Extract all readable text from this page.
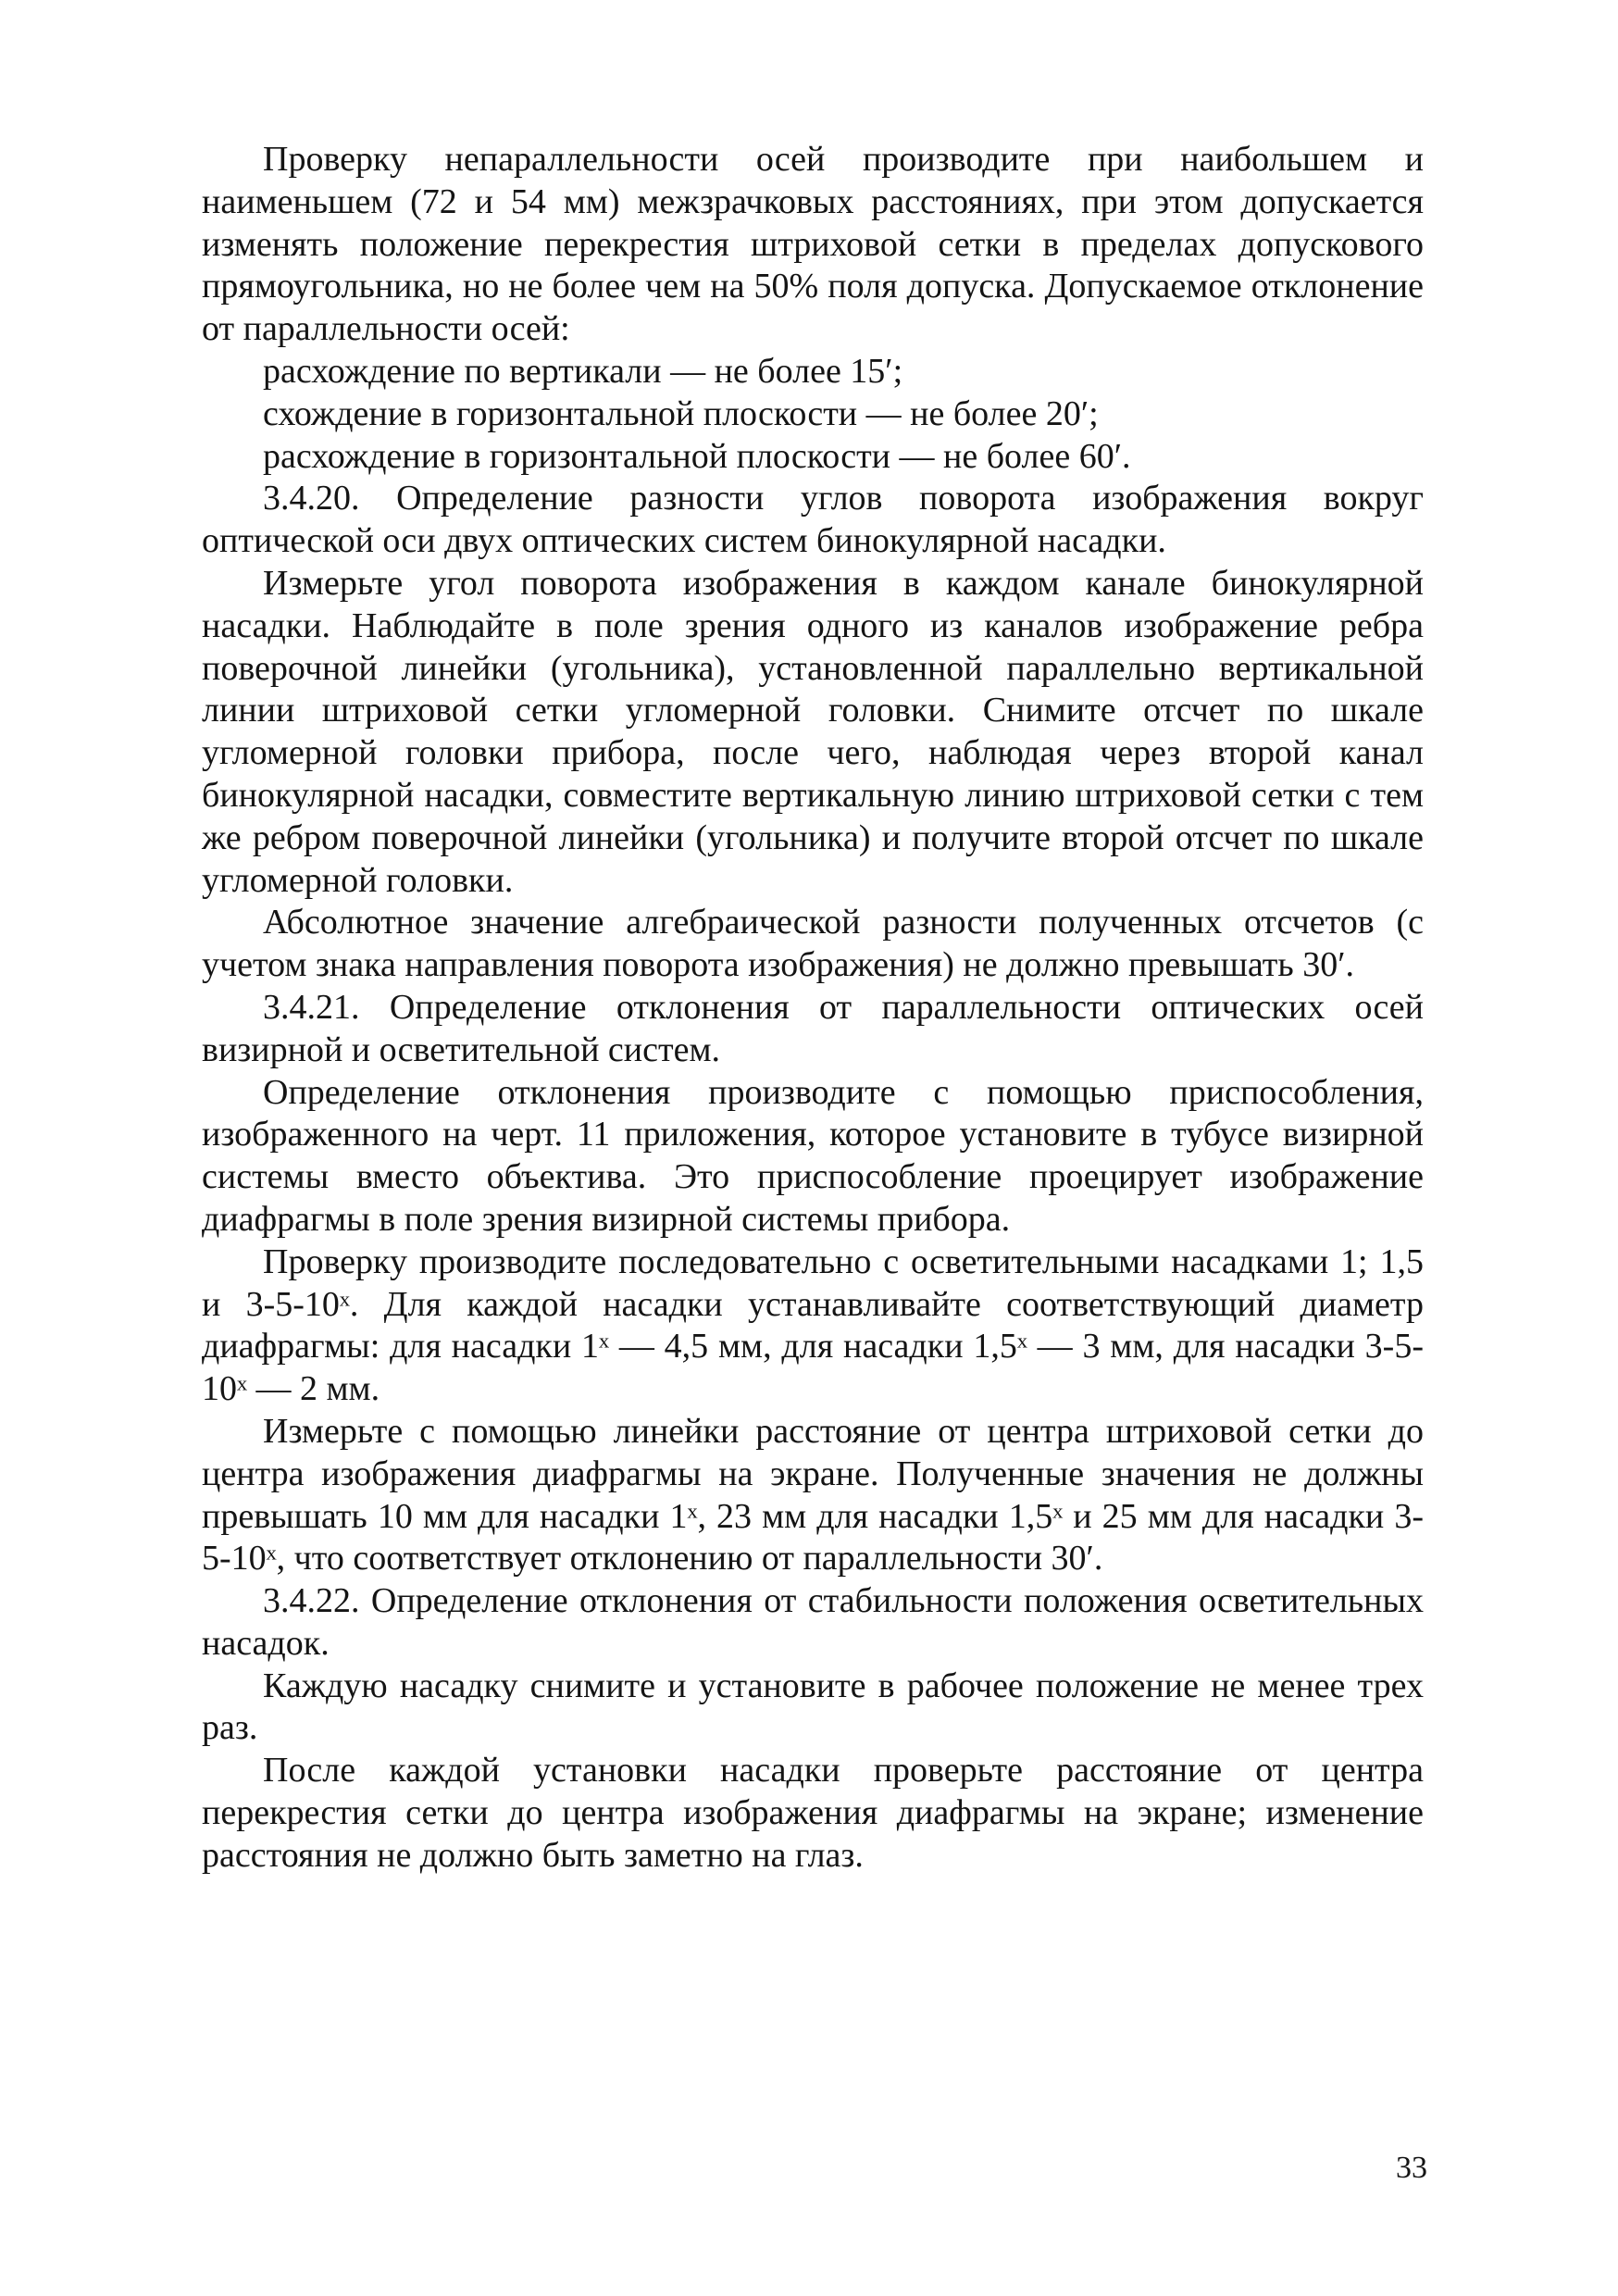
Проверку непараллельности осей производите при наибольшем и наименьшем (72 и 54 мм) межзрачковых расстояниях, при этом допускается изменять положение перекрестия штриховой сетки в пределах допускового прямоугольника, но не более чем на 50% поля допуска. Допускаемое отклонение от параллельности осей:

расхождение по вертикали — не более 15′;

схождение в горизонтальной плоскости — не более 20′;

расхождение в горизонтальной плоскости — не более 60′.

3.4.20. Определение разности углов поворота изображения вокруг оптической оси двух оптических систем бинокулярной насадки.

Измерьте угол поворота изображения в каждом канале бинокулярной насадки. Наблюдайте в поле зрения одного из каналов изображение ребра поверочной линейки (угольника), установленной параллельно вертикальной линии штриховой сетки угломерной головки. Снимите отсчет по шкале угломерной головки прибора, после чего, наблюдая через второй канал бинокулярной насадки, совместите вертикальную линию штриховой сетки с тем же ребром поверочной линейки (угольника) и получите второй отсчет по шкале угломерной головки.

Абсолютное значение алгебраической разности полученных отсчетов (с учетом знака направления поворота изображения) не должно превышать 30′.

3.4.21. Определение отклонения от параллельности оптических осей визирной и осветительной систем.

Определение отклонения производите с помощью приспособления, изображенного на черт. 11 приложения, которое установите в тубусе визирной системы вместо объектива. Это приспособление проецирует изображение диафрагмы в поле зрения визирной системы прибора.

Проверку производите последовательно с осветительными насадками 1; 1,5 и 3-5-10ˣ. Для каждой насадки устанавливайте соответствующий диаметр диафрагмы: для насадки 1ˣ — 4,5 мм, для насадки 1,5ˣ — 3 мм, для насадки 3-5-10ˣ — 2 мм.

Измерьте с помощью линейки расстояние от центра штриховой сетки до центра изображения диафрагмы на экране. Полученные значения не должны превышать 10 мм для насадки 1ˣ, 23 мм для насадки 1,5ˣ и 25 мм для насадки 3-5-10ˣ, что соответствует отклонению от параллельности 30′.

3.4.22. Определение отклонения от стабильности положения осветительных насадок.

Каждую насадку снимите и установите в рабочее положение не менее трех раз.

После каждой установки насадки проверьте расстояние от центра перекрестия сетки до центра изображения диафрагмы на экране; изменение расстояния не должно быть заметно на глаз.

33
